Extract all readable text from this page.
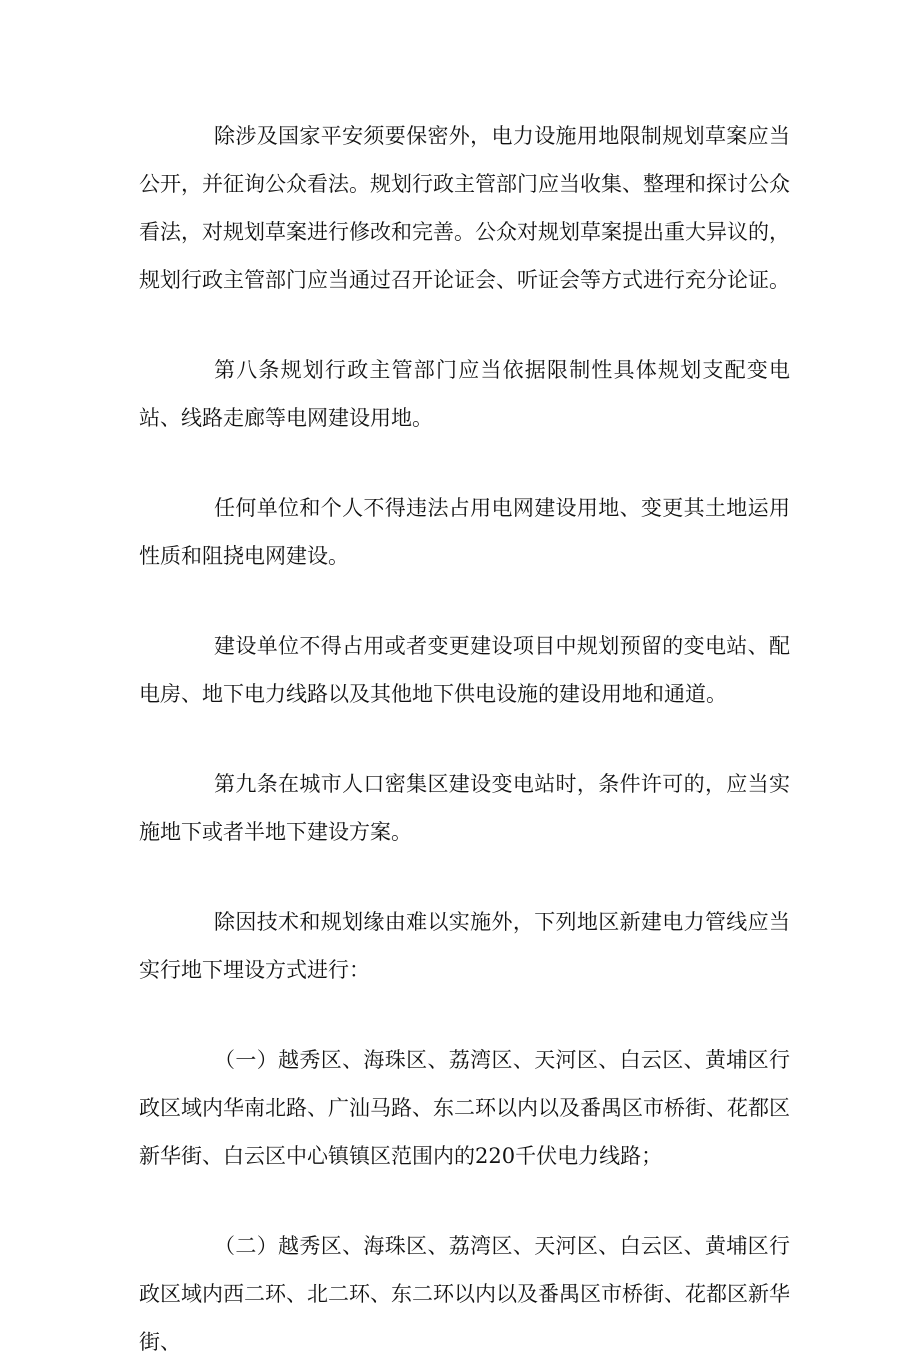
除涉及国家平安须要保密外，电力设施用地限制规划草案应当公开，并征询公众看法。规划行政主管部门应当收集、整理和探讨公众看法，对规划草案进行修改和完善。公众对规划草案提出重大异议的，规划行政主管部门应当通过召开论证会、听证会等方式进行充分论证。

第八条规划行政主管部门应当依据限制性具体规划支配变电站、线路走廊等电网建设用地。

任何单位和个人不得违法占用电网建设用地、变更其土地运用性质和阻挠电网建设。

建设单位不得占用或者变更建设项目中规划预留的变电站、配电房、地下电力线路以及其他地下供电设施的建设用地和通道。

第九条在城市人口密集区建设变电站时，条件许可的，应当实施地下或者半地下建设方案。

除因技术和规划缘由难以实施外，下列地区新建电力管线应当实行地下埋设方式进行：

（一）越秀区、海珠区、荔湾区、天河区、白云区、黄埔区行政区域内华南北路、广汕马路、东二环以内以及番禺区市桥街、花都区新华街、白云区中心镇镇区范围内的220千伏电力线路；

（二）越秀区、海珠区、荔湾区、天河区、白云区、黄埔区行政区域内西二环、北二环、东二环以内以及番禺区市桥街、花都区新华街、
